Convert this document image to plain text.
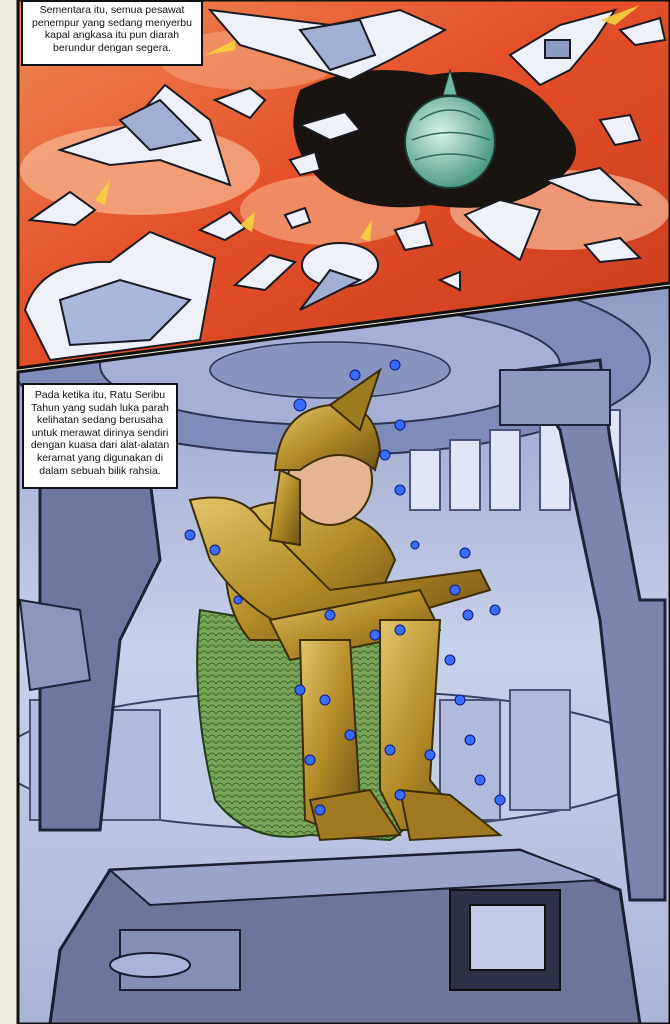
Sementara itu, semua pesawat
penempur yang sedang menyerbu
kapal angkasa itu pun diarah
berundur dengan segera.
Pada ketika itu, Ratu Seribu
Tahun yang sudah luka parah
kelihatan sedang berusaha
untuk merawat dirinya sendiri
dengan kuasa dari alat-alatan
keramat yang digunakan di
dalam sebuah bilik rahsia.
